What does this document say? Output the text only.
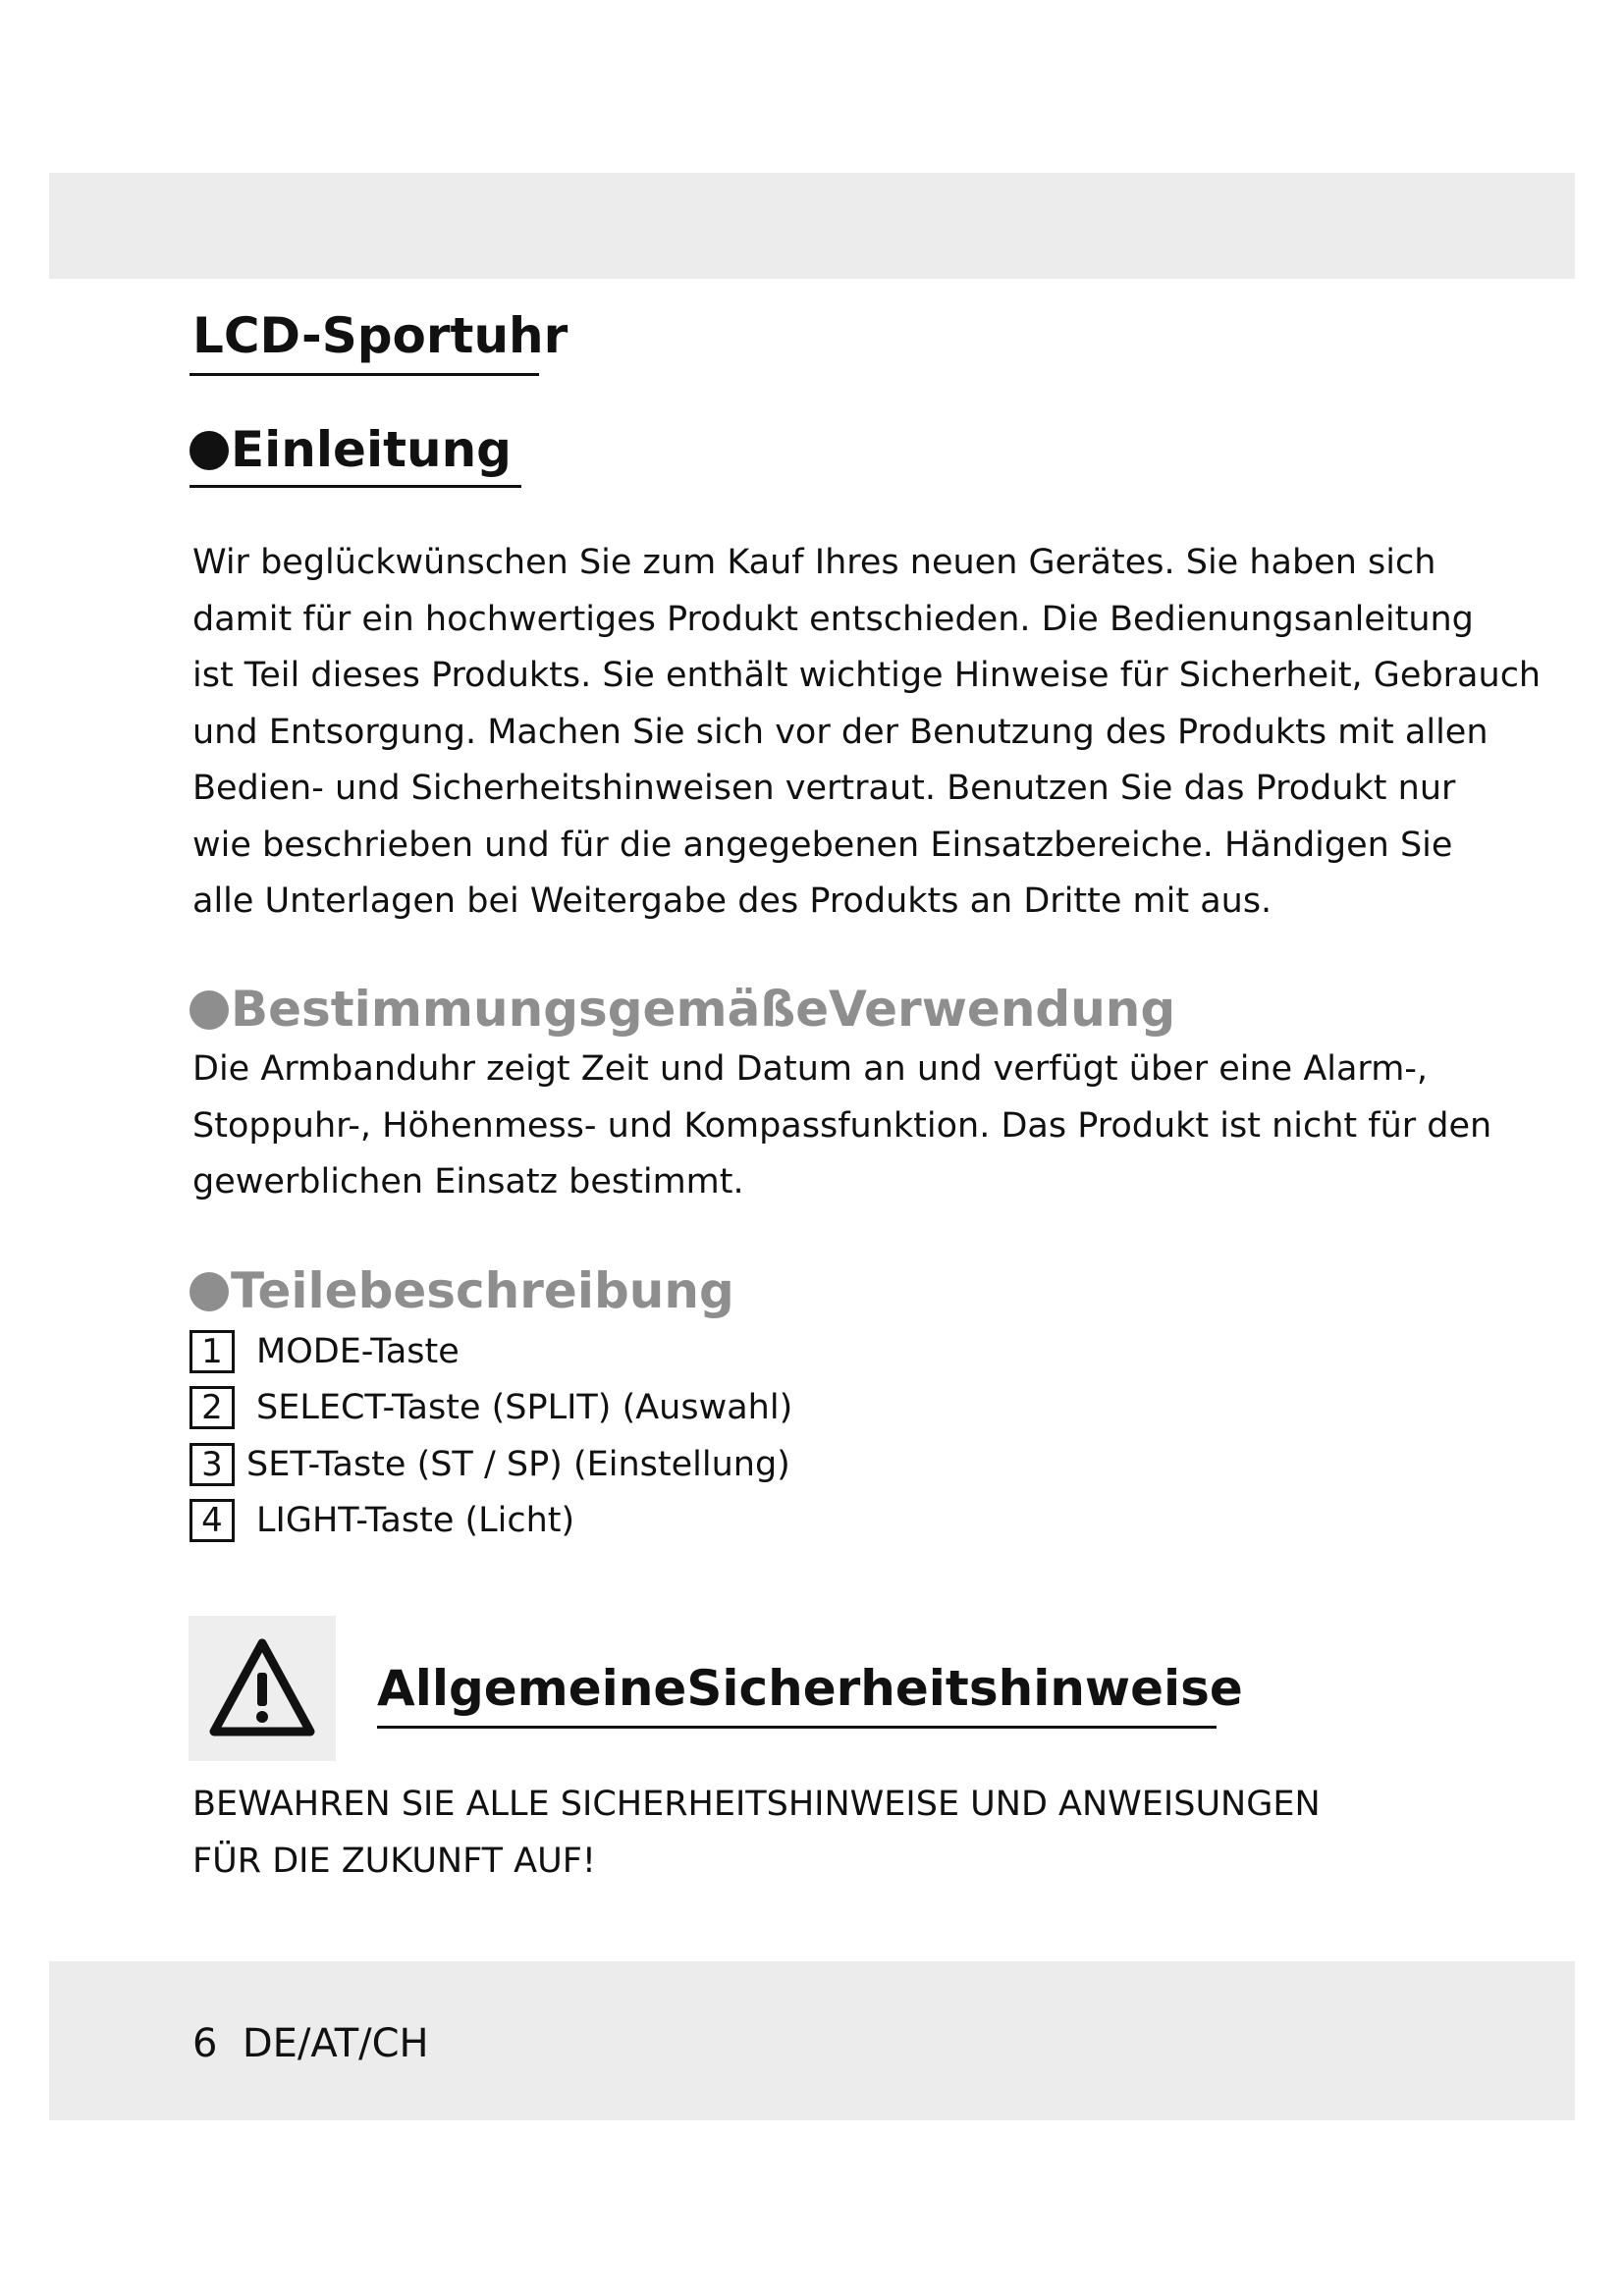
LCD-Sportuhr
Einleitung
Wir beglückwünschen Sie zum Kauf Ihres neuen Gerätes. Sie haben sich
damit für ein hochwertiges Produkt entschieden. Die Bedienungsanleitung
ist Teil dieses Produkts. Sie enthält wichtige Hinweise für Sicherheit, Gebrauch
und Entsorgung. Machen Sie sich vor der Benutzung des Produkts mit allen
Bedien- und Sicherheitshinweisen vertraut. Benutzen Sie das Produkt nur
wie beschrieben und für die angegebenen Einsatzbereiche. Händigen Sie
alle Unterlagen bei Weitergabe des Produkts an Dritte mit aus.
BestimmungsgemäßeVerwendung
Die Armbanduhr zeigt Zeit und Datum an und verfügt über eine Alarm-,
Stoppuhr-, Höhenmess- und Kompassfunktion. Das Produkt ist nicht für den
gewerblichen Einsatz bestimmt.
Teilebeschreibung
1 MODE-Taste
2 SELECT-Taste (SPLIT) (Auswahl)
3 SET-Taste (ST / SP) (Einstellung)
4 LIGHT-Taste (Licht)
AllgemeineSicherheitshinweise
BEWAHREN SIE ALLE SICHERHEITSHINWEISE UND ANWEISUNGEN
FÜR DIE ZUKUNFT AUF!
6  DE/AT/CH
